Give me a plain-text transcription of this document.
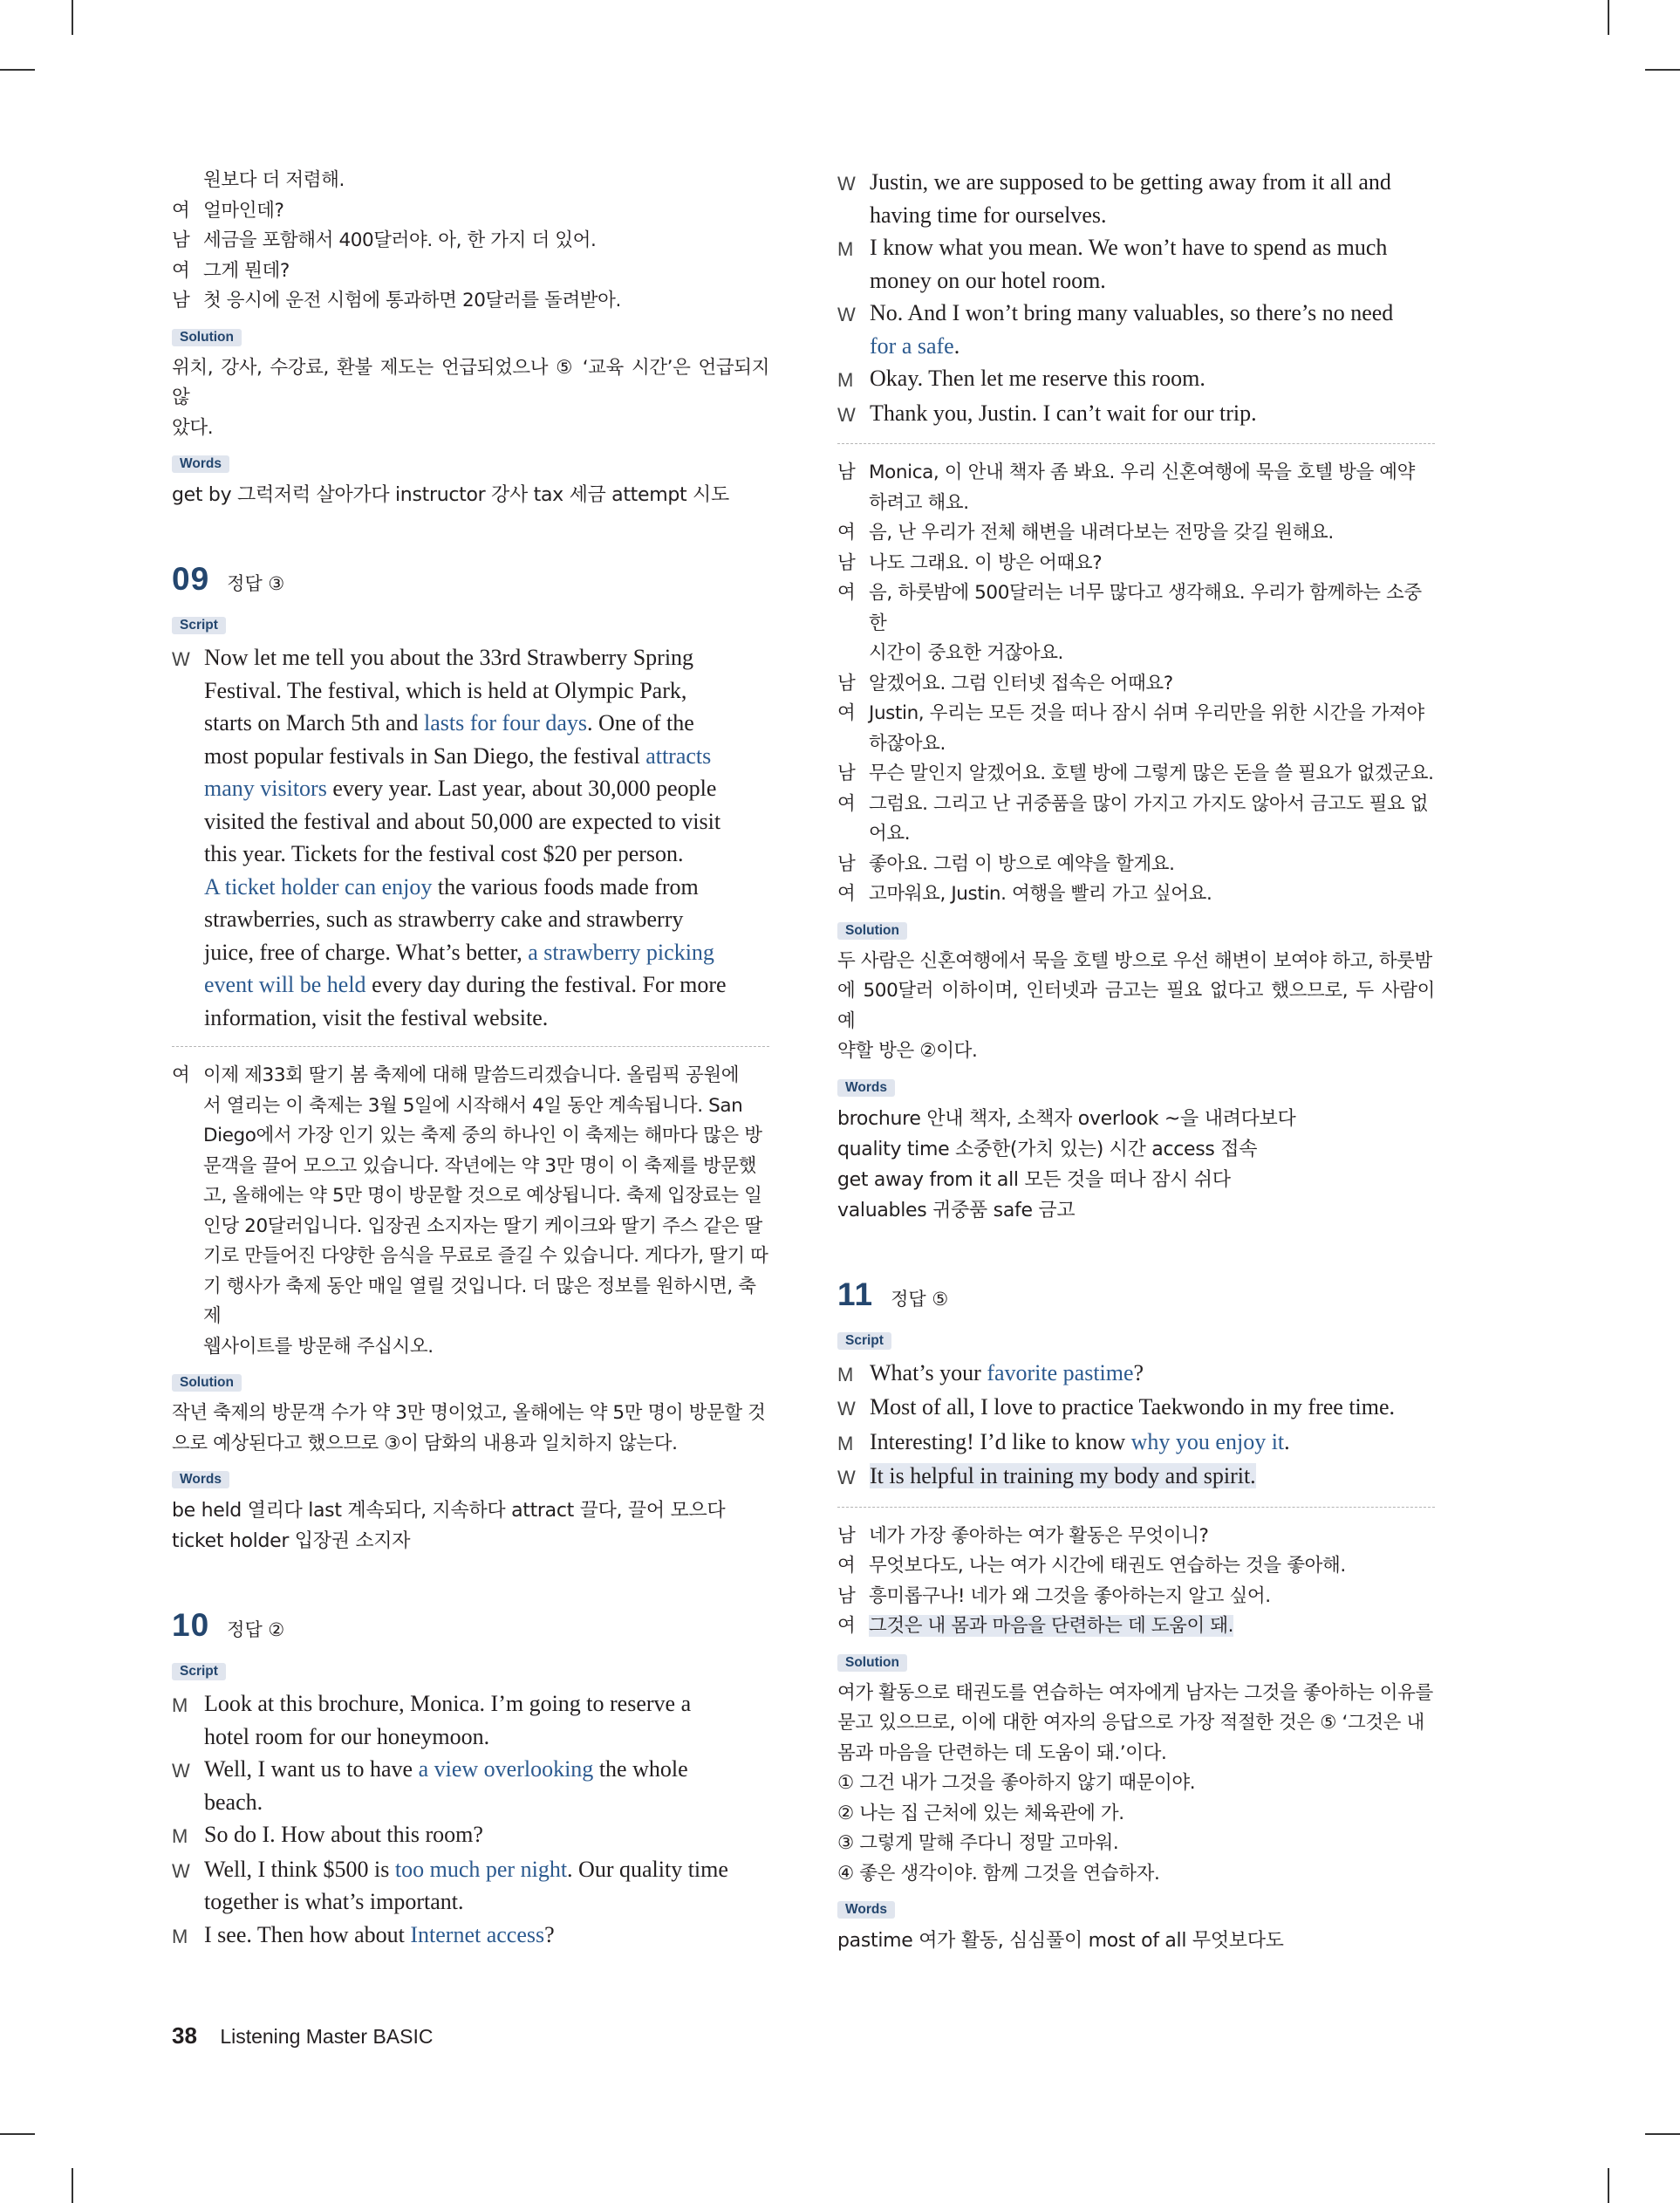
원보다 더 저렴해.
여 얼마인데?
남 세금을 포함해서 400달러야. 아, 한 가지 더 있어.
여 그게 뭔데?
남 첫 응시에 운전 시험에 통과하면 20달러를 돌려받아.
Solution
위치, 강사, 수강료, 환불 제도는 언급되었으나 ⑤ ‘교육 시간’은 언급되지 않
았다.
Words
get by 그럭저럭 살아가다 instructor 강사 tax 세금 attempt 시도
09 정답 ③
Script
W Now let me tell you about the 33rd Strawberry Spring
Festival. The festival, which is held at Olympic Park,
starts on March 5th and lasts for four days. One of the
most popular festivals in San Diego, the festival attracts
many visitors every year. Last year, about 30,000 people
visited the festival and about 50,000 are expected to visit
this year. Tickets for the festival cost $20 per person.
A ticket holder can enjoy the various foods made from
strawberries, such as strawberry cake and strawberry
juice, free of charge. What’s better, a strawberry picking
event will be held every day during the festival. For more
information, visit the festival website.
여 이제 제33회 딸기 봄 축제에 대해 말씀드리겠습니다. 올림픽 공원에
서 열리는 이 축제는 3월 5일에 시작해서 4일 동안 계속됩니다. San
Diego에서 가장 인기 있는 축제 중의 하나인 이 축제는 해마다 많은 방
문객을 끌어 모으고 있습니다. 작년에는 약 3만 명이 이 축제를 방문했
고, 올해에는 약 5만 명이 방문할 것으로 예상됩니다. 축제 입장료는 일
인당 20달러입니다. 입장권 소지자는 딸기 케이크와 딸기 주스 같은 딸
기로 만들어진 다양한 음식을 무료로 즐길 수 있습니다. 게다가, 딸기 따
기 행사가 축제 동안 매일 열릴 것입니다. 더 많은 정보를 원하시면, 축제
웹사이트를 방문해 주십시오.
Solution
작년 축제의 방문객 수가 약 3만 명이었고, 올해에는 약 5만 명이 방문할 것
으로 예상된다고 했으므로 ③이 담화의 내용과 일치하지 않는다.
Words
be held 열리다 last 계속되다, 지속하다 attract 끌다, 끌어 모으다
ticket holder 입장권 소지자
10 정답 ②
Script
M Look at this brochure, Monica. I’m going to reserve a
hotel room for our honeymoon.
W Well, I want us to have a view overlooking the whole
beach.
M So do I. How about this room?
W Well, I think $500 is too much per night. Our quality time
together is what’s important.
M I see. Then how about Internet access?
W Justin, we are supposed to be getting away from it all and
having time for ourselves.
M I know what you mean. We won’t have to spend as much
money on our hotel room.
W No. And I won’t bring many valuables, so there’s no need
for a safe.
M Okay. Then let me reserve this room.
W Thank you, Justin. I can’t wait for our trip.
남 Monica, 이 안내 책자 좀 봐요. 우리 신혼여행에 묵을 호텔 방을 예약
하려고 해요.
여 음, 난 우리가 전체 해변을 내려다보는 전망을 갖길 원해요.
남 나도 그래요. 이 방은 어때요?
여 음, 하룻밤에 500달러는 너무 많다고 생각해요. 우리가 함께하는 소중한
시간이 중요한 거잖아요.
남 알겠어요. 그럼 인터넷 접속은 어때요?
여 Justin, 우리는 모든 것을 떠나 잠시 쉬며 우리만을 위한 시간을 가져야
하잖아요.
남 무슨 말인지 알겠어요. 호텔 방에 그렇게 많은 돈을 쓸 필요가 없겠군요.
여 그럼요. 그리고 난 귀중품을 많이 가지고 가지도 않아서 금고도 필요 없
어요.
남 좋아요. 그럼 이 방으로 예약을 할게요.
여 고마워요, Justin. 여행을 빨리 가고 싶어요.
Solution
두 사람은 신혼여행에서 묵을 호텔 방으로 우선 해변이 보여야 하고, 하룻밤
에 500달러 이하이며, 인터넷과 금고는 필요 없다고 했으므로, 두 사람이 예
약할 방은 ②이다.
Words
brochure 안내 책자, 소책자 overlook ~을 내려다보다
quality time 소중한(가치 있는) 시간 access 접속
get away from it all 모든 것을 떠나 잠시 쉬다
valuables 귀중품 safe 금고
11 정답 ⑤
Script
M What’s your favorite pastime?
W Most of all, I love to practice Taekwondo in my free time.
M Interesting! I’d like to know why you enjoy it.
W It is helpful in training my body and spirit.
남 네가 가장 좋아하는 여가 활동은 무엇이니?
여 무엇보다도, 나는 여가 시간에 태권도 연습하는 것을 좋아해.
남 흥미롭구나! 네가 왜 그것을 좋아하는지 알고 싶어.
여 그것은 내 몸과 마음을 단련하는 데 도움이 돼.
Solution
여가 활동으로 태권도를 연습하는 여자에게 남자는 그것을 좋아하는 이유를
묻고 있으므로, 이에 대한 여자의 응답으로 가장 적절한 것은 ⑤ ‘그것은 내
몸과 마음을 단련하는 데 도움이 돼.’이다.
① 그건 내가 그것을 좋아하지 않기 때문이야.
② 나는 집 근처에 있는 체육관에 가.
③ 그렇게 말해 주다니 정말 고마워.
④ 좋은 생각이야. 함께 그것을 연습하자.
Words
pastime 여가 활동, 심심풀이 most of all 무엇보다도
38 Listening Master BASIC
